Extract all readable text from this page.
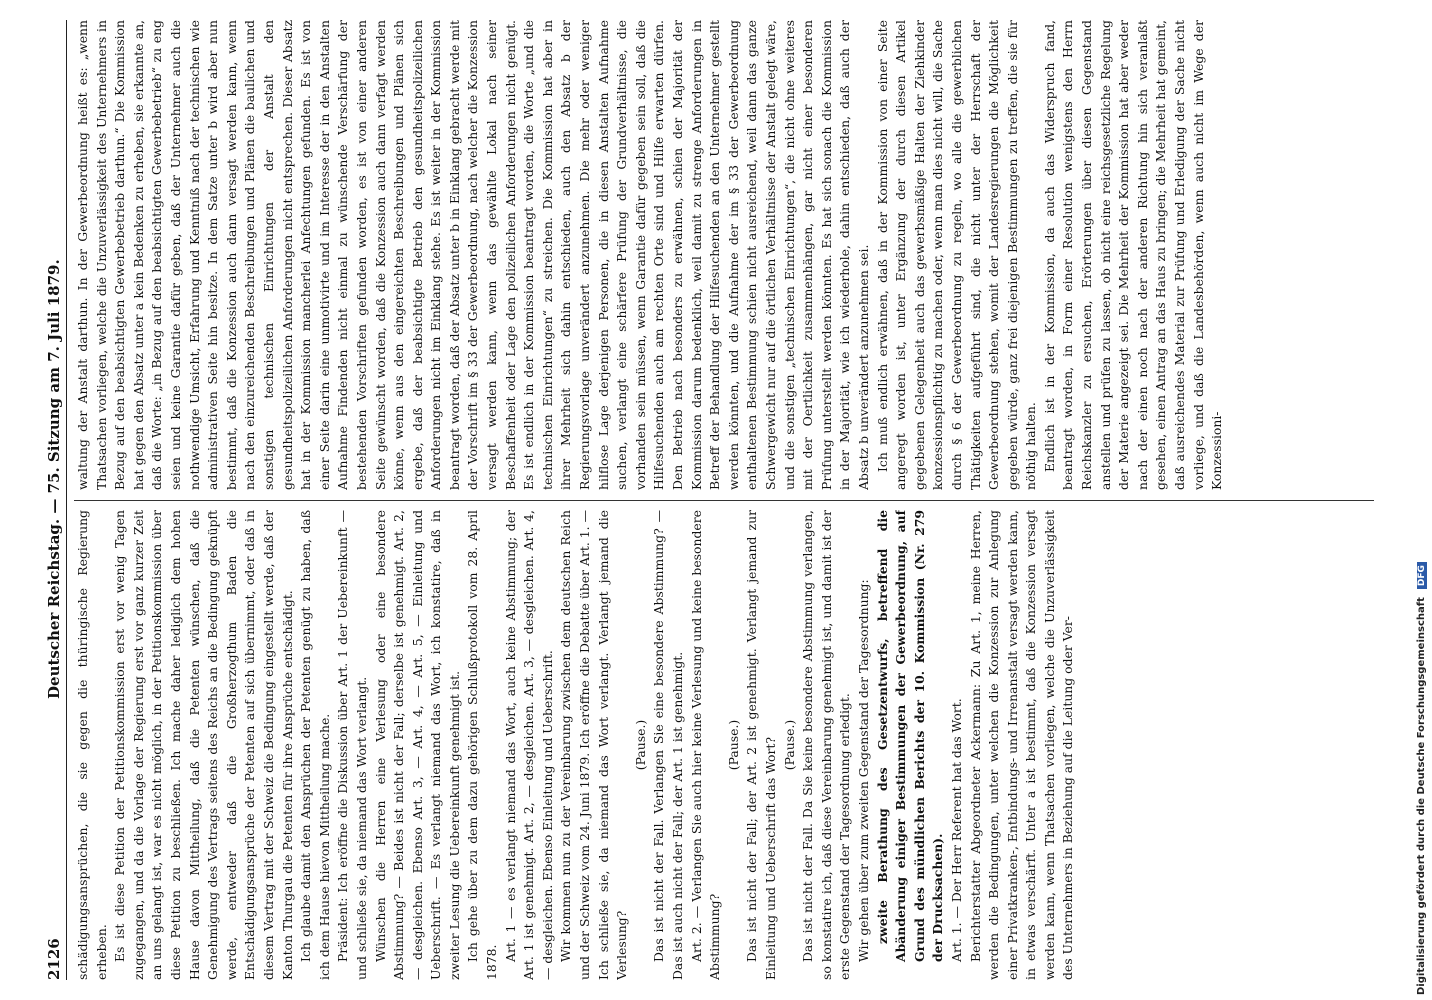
2126
Deutscher Reichstag. — 75. Sitzung am 7. Juli 1879.

schädigungsansprüchen, die sie gegen die thüringische Regierung erheben. Es ist diese Petition der Petitionskommission erst vor wenig Tagen zugegangen, und da die Vorlage der Regierung erst vor ganz kurzer Zeit an uns gelangt ist, war es nicht möglich, in der Petitionskommission über diese Petition zu beschließen. Ich mache daher lediglich dem hohen Hause davon Mittheilung, daß die Petenten wünschen, daß die Genehmigung des Vertrags seitens des Reichs an die Bedingung geknüpft werde, entweder daß die Großherzogthum Baden die Entschädigungsansprüche der Petenten auf sich übernimmt, oder daß in diesem Vertrag mit der Schweiz die Bedingung eingestellt werde, daß der Kanton Thurgau die Petenten für ihre Ansprüche entschädigt. Ich glaube damit den Ansprüchen der Petenten genügt zu haben, daß ich dem Hause hievon Mittheilung mache. Präsident: Ich eröffne die Diskussion über Art. 1 der Uebereinkunft — und schließe sie, da niemand das Wort verlangt. Wünschen die Herren eine Verlesung oder eine besondere Abstimmung? — Beides ist nicht der Fall; derselbe ist genehmigt. Art. 2, — desgleichen. Ebenso Art. 3, — Art. 4, — Art. 5, — Einleitung und Ueberschrift. — Es verlangt niemand das Wort, ich konstatire, daß in zweiter Lesung die Uebereinkunft genehmigt ist. Ich gehe über zu dem dazu gehörigen Schlußprotokoll vom 28. April 1878.

Art. 1 — es verlangt niemand das Wort, auch keine Abstimmung; der Art. 1 ist genehmigt. Art. 2, — desgleichen. Art. 3, — desgleichen. Art. 4, — desgleichen. Ebenso Einleitung und Ueberschrift. Wir kommen nun zu der Vereinbarung zwischen dem deutschen Reich und der Schweiz vom 24. Juni 1879. Ich eröffne die Debatte über Art. 1. — Ich schließe sie, da niemand das Wort verlangt. Verlangt jemand die Verlesung?

(Pause.) Das ist nicht der Fall. Verlangen Sie eine besondere Abstimmung? — Das ist auch nicht der Fall; der Art. 1 ist genehmigt. Art. 2. — Verlangen Sie auch hier keine Verlesung und keine besondere Abstimmung?

(Pause.) Das ist nicht der Fall; der Art. 2 ist genehmigt. Verlangt jemand zur Einleitung und Ueberschrift das Wort? (Pause.) Das ist nicht der Fall. Da Sie keine besondere Abstimmung verlangen, so konstatire ich, daß diese Vereinbarung genehmigt ist, und damit ist der erste Gegenstand der Tagesordnung erledigt. Wir gehen über zum zweiten Gegenstand der Tagesordnung: zweite Berathung des Gesetzentwurfs, betreffend die Abänderung einiger Bestimmungen der Gewerbeordnung, auf Grund des mündlichen Berichts der 10. Kommission (Nr. 279 der Drucksachen). Art. 1. — Der Herr Referent hat das Wort. Berichterstatter Abgeordneter Ackermann: Zu Art. 1, meine Herren, werden die Bedingungen, unter welchen die Konzession zur Anlegung einer Privatkranken-, Entbindungs- und Irrenanstalt versagt werden kann, in etwas verschärft. Unter a ist bestimmt, daß die Konzession versagt werden kann, wenn Thatsachen vorliegen, welche die Unzuverlässigkeit des Unternehmers in Beziehung auf die Leitung oder Ver-

waltung der Anstalt darthun. In der Gewerbeordnung heißt es: „wenn Thatsachen vorliegen, welche die Unzuverlässigkeit des Unternehmers in Bezug auf den beabsichtigten Gewerbebetrieb darthun.“ Die Kommission hat gegen den Absatz unter a kein Bedenken zu erheben, sie erkannte an, daß die Worte: „in Bezug auf den beabsichtigten Gewerbebetrieb“ zu eng seien und keine Garantie dafür geben, daß der Unternehmer auch die nothwendige Umsicht, Erfahrung und Kenntniß nach der technischen wie administrativen Seite hin besitze. In dem Satze unter b wird aber nun bestimmt, daß die Konzession auch dann versagt werden kann, wenn nach den einzureichenden Beschreibungen und Plänen die baulichen und sonstigen technischen Einrichtungen der Anstalt den gesundheitspolizeilichen Anforderungen nicht entsprechen. Dieser Absatz hat in der Kommission mancherlei Anfechtungen gefunden. Es ist von einer Seite darin eine unmotivirte und im Interesse der in den Anstalten Aufnahme Findenden nicht einmal zu wünschende Verschärfung der bestehenden Vorschriften gefunden worden, es ist von einer anderen Seite gewünscht worden, daß die Konzession auch dann verfagt werden könne, wenn aus den eingereichten Beschreibungen und Plänen sich ergebe, daß der beabsichtigte Betrieb den gesundheitspolizeilichen Anforderungen nicht im Einklang stehe. Es ist weiter in der Kommission beantragt worden, daß der Absatz unter b in Einklang gebracht werde mit der Vorschrift im § 33 der Gewerbeordnung, nach welcher die Konzession versagt werden kann, wenn das gewählte Lokal nach seiner Beschaffenheit oder Lage den polizeilichen Anforderungen nicht genügt. Es ist endlich in der Kommission beantragt worden, die Worte „und die technischen Einrichtungen“ zu streichen. Die Kommission hat aber in ihrer Mehrheit sich dahin entschieden, auch den Absatz b der Regierungsvorlage unverändert anzunehmen. Die mehr oder weniger hilflose Lage derjenigen Personen, die in diesen Anstalten Aufnahme suchen, verlangt eine schärfere Prüfung der Grundverhältnisse, die vorhanden sein müssen, wenn Garantie dafür gegeben sein soll, daß die Hilfesuchenden auch am rechten Orte sind und Hilfe erwarten dürfen. Den Betrieb nach besonders zu erwähnen, schien der Majorität der Kommission darum bedenklich, weil damit zu strenge Anforderungen in Betreff der Behandlung der Hilfesuchenden an den Unternehmer gestellt werden könnten, und die Aufnahme der im § 33 der Gewerbeordnung enthaltenen Bestimmung schien nicht ausreichend, weil dann das ganze Schwergewicht nur auf die örtlichen Verhältnisse der Anstalt gelegt wäre, und die sonstigen „technischen Einrichtungen“, die nicht ohne weiteres mit der Oertlichkeit zusammenhängen, gar nicht einer besonderen Prüfung unterstellt werden könnten. Es hat sich sonach die Kommission in der Majorität, wie ich wiederhole, dahin entschieden, daß auch der Absatz b unverändert anzunehmen sei. Ich muß endlich erwähnen, daß in der Kommission von einer Seite angeregt worden ist, unter Ergänzung der durch diesen Artikel gegebenen Gelegenheit auch das gewerbsmäßige Halten der Ziehkinder konzessionspflichtig zu machen oder, wenn man dies nicht will, die Sache durch § 6 der Gewerbeordnung zu regeln, wo alle die gewerblichen Thätigkeiten aufgeführt sind, die nicht unter der Herrschaft der Gewerbeordnung stehen, womit der Landesregierungen die Möglichkeit gegeben würde, ganz frei diejenigen Bestimmungen zu treffen, die sie für nöthig halten. Endlich ist in der Kommission, da auch das Widerspruch fand, beantragt worden, in Form einer Resolution wenigstens den Herrn Reichskanzler zu ersuchen, Erörterungen über diesen Gegenstand anstellen und prüfen zu lassen, ob nicht eine reichsgesetzliche Regelung der Materie angezeigt sei. Die Mehrheit der Kommission hat aber weder nach der einen noch nach der anderen Richtung hin sich veranlaßt gesehen, einen Antrag an das Haus zu bringen; die Mehrheit hat gemeint, daß ausreichendes Material zur Prüfung und Erledigung der Sache nicht vorliege, und daß die Landesbehörden, wenn auch nicht im Wege der Konzessioni-

Digitalisierung gefördert durch die Deutsche Forschungsgemeinschaft
DFG
